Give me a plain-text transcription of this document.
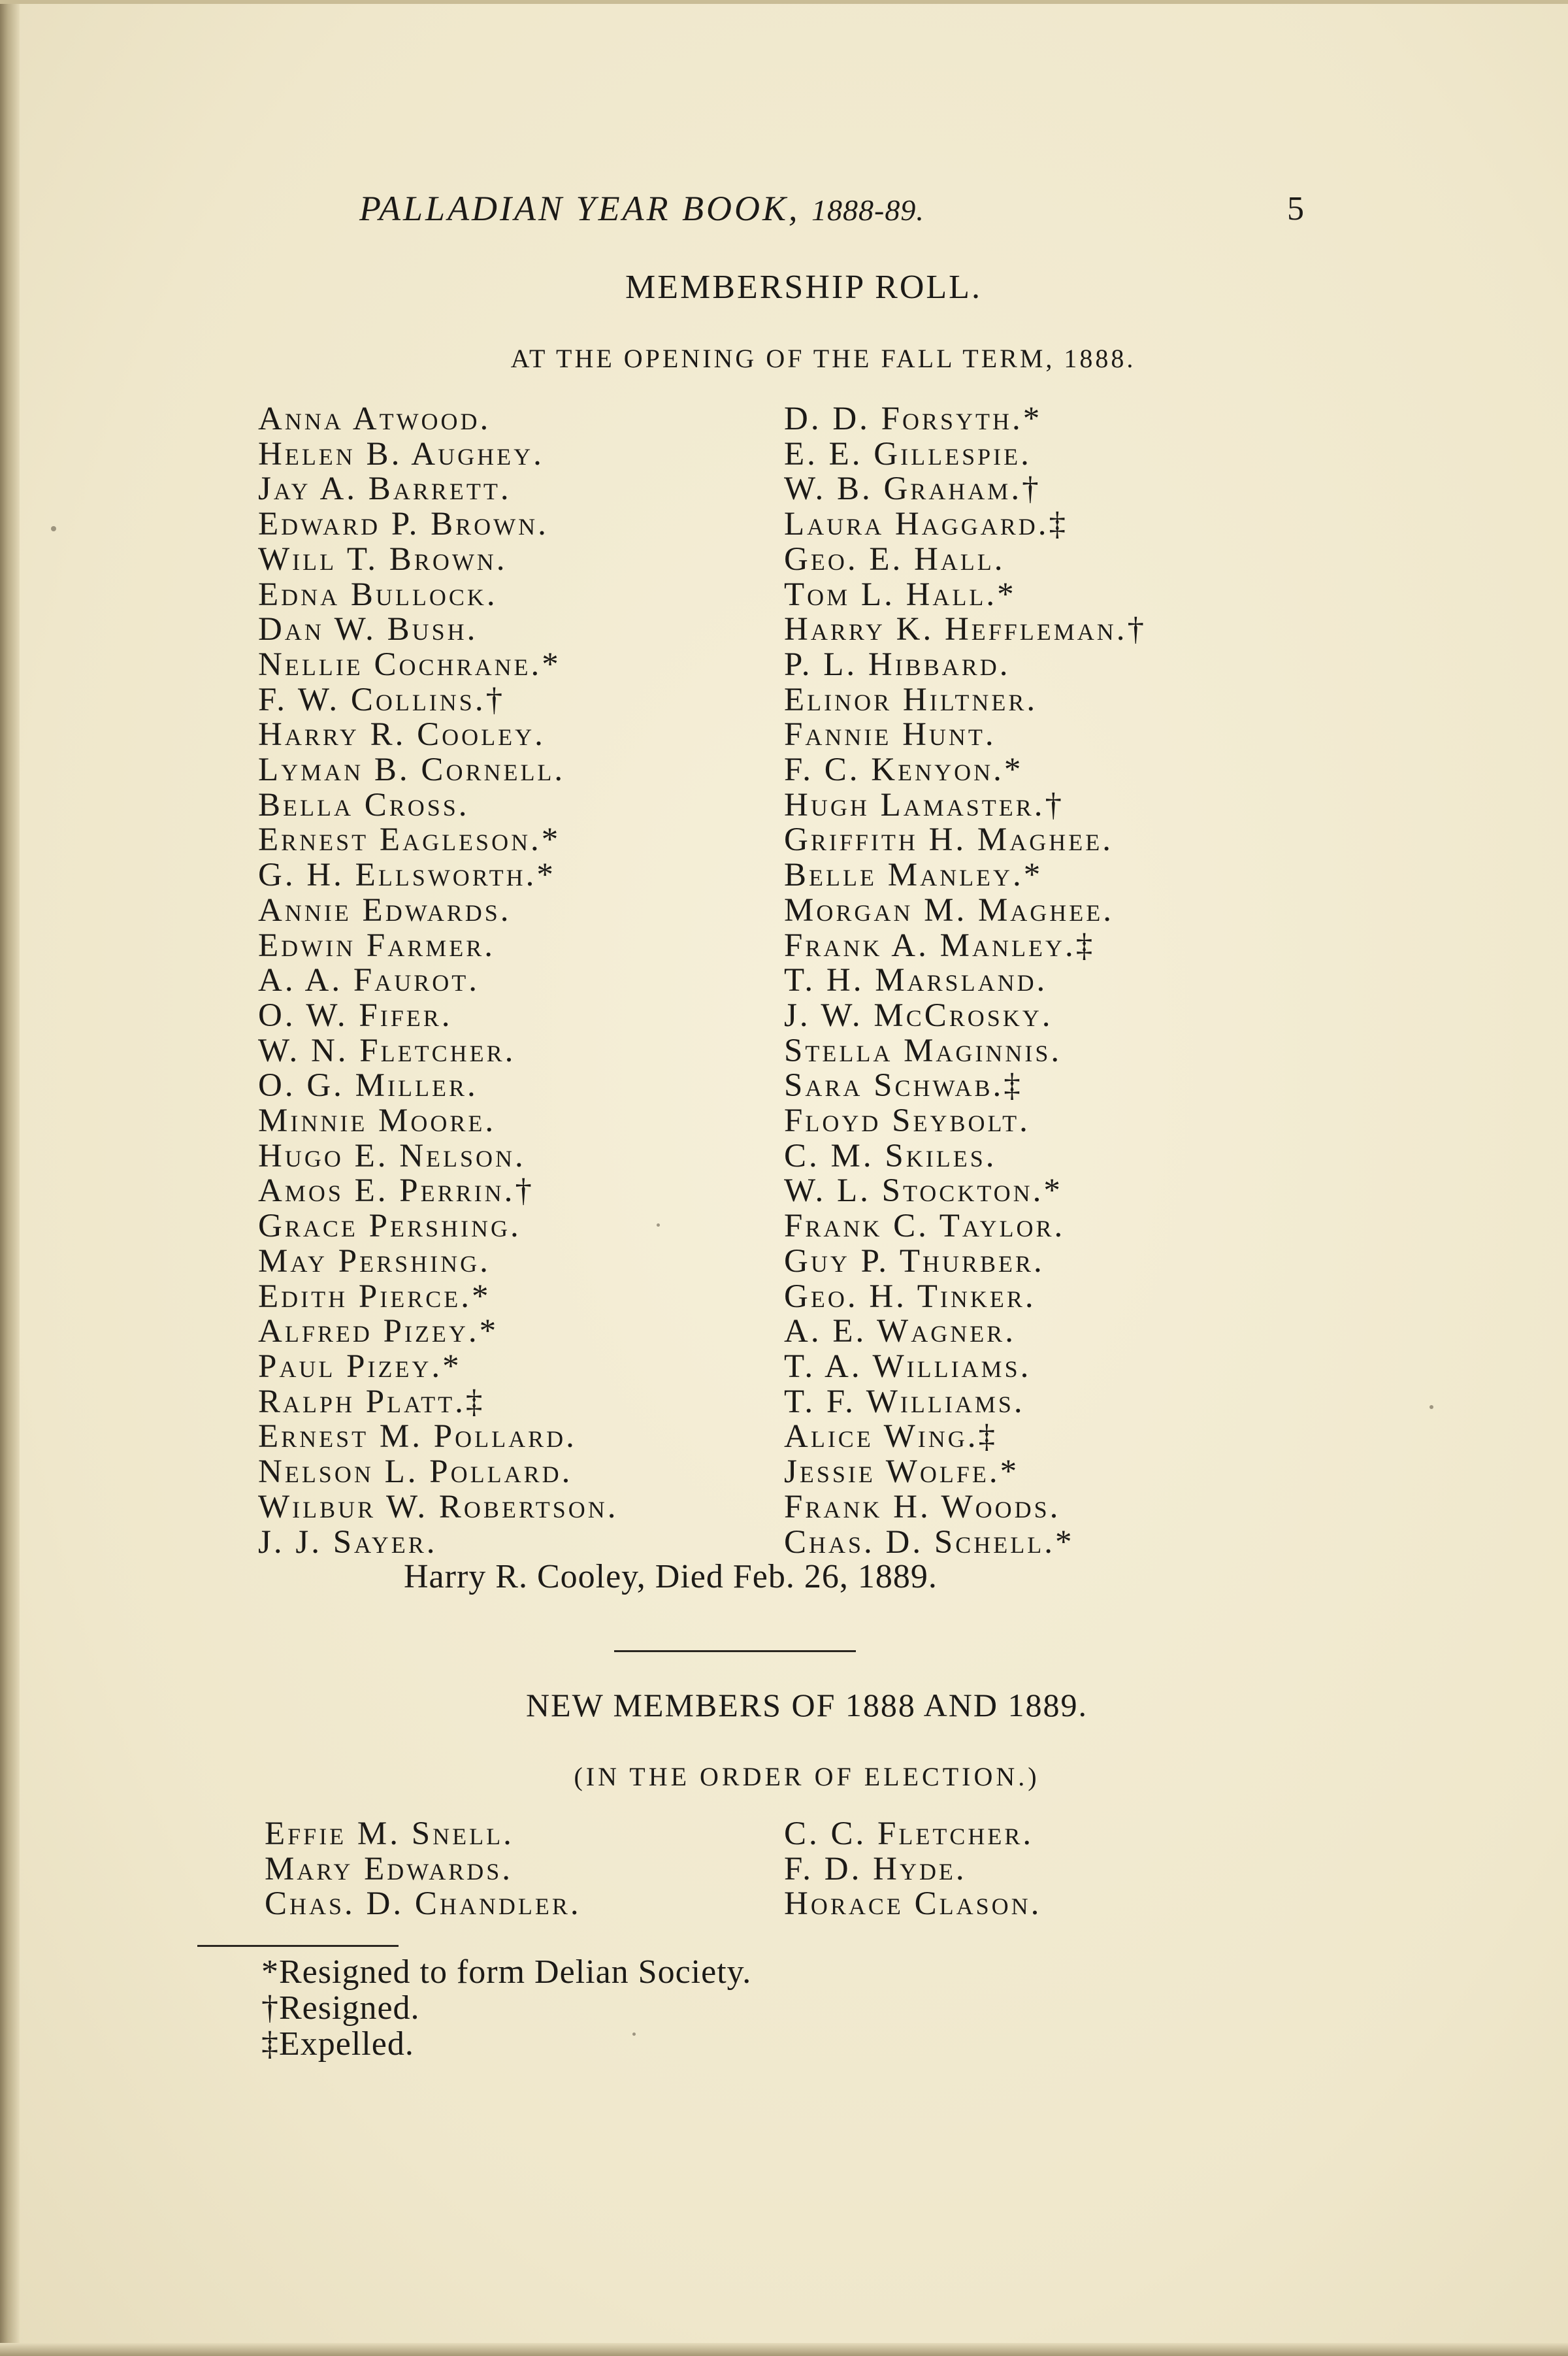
PALLADIAN YEAR BOOK, 1888-89.	5
MEMBERSHIP ROLL.
AT THE OPENING OF THE FALL TERM, 1888.
Anna Atwood.
Helen B. Aughey.
Jay A. Barrett.
Edward P. Brown.
Will T. Brown.
Edna Bullock.
Dan W. Bush.
Nellie Cochrane.*
F. W. Collins.†
Harry R. Cooley.
Lyman B. Cornell.
Bella Cross.
Ernest Eagleson.*
G. H. Ellsworth.*
Annie Edwards.
Edwin Farmer.
A. A. Faurot.
O. W. Fifer.
W. N. Fletcher.
O. G. Miller.
Minnie Moore.
Hugo E. Nelson.
Amos E. Perrin.†
Grace Pershing.
May Pershing.
Edith Pierce.*
Alfred Pizey.*
Paul Pizey.*
Ralph Platt.‡
Ernest M. Pollard.
Nelson L. Pollard.
Wilbur W. Robertson.
J. J. Sayer.
D. D. Forsyth.*
E. E. Gillespie.
W. B. Graham.†
Laura Haggard.‡
Geo. E. Hall.
Tom L. Hall.*
Harry K. Heffleman.†
P. L. Hibbard.
Elinor Hiltner.
Fannie Hunt.
F. C. Kenyon.*
Hugh Lamaster.†
Griffith H. Maghee.
Belle Manley.*
Morgan M. Maghee.
Frank A. Manley.‡
T. H. Marsland.
J. W. McCrosky.
Stella Maginnis.
Sara Schwab.‡
Floyd Seybolt.
C. M. Skiles.
W. L. Stockton.*
Frank C. Taylor.
Guy P. Thurber.
Geo. H. Tinker.
A. E. Wagner.
T. A. Williams.
T. F. Williams.
Alice Wing.‡
Jessie Wolfe.*
Frank H. Woods.
Chas. D. Schell.*
Harry R. Cooley, Died Feb. 26, 1889.
NEW MEMBERS OF 1888 AND 1889.
(IN THE ORDER OF ELECTION.)
Effie M. Snell.
Mary Edwards.
Chas. D. Chandler.
C. C. Fletcher.
F. D. Hyde.
Horace Clason.
*Resigned to form Delian Society.
†Resigned.
‡Expelled.
